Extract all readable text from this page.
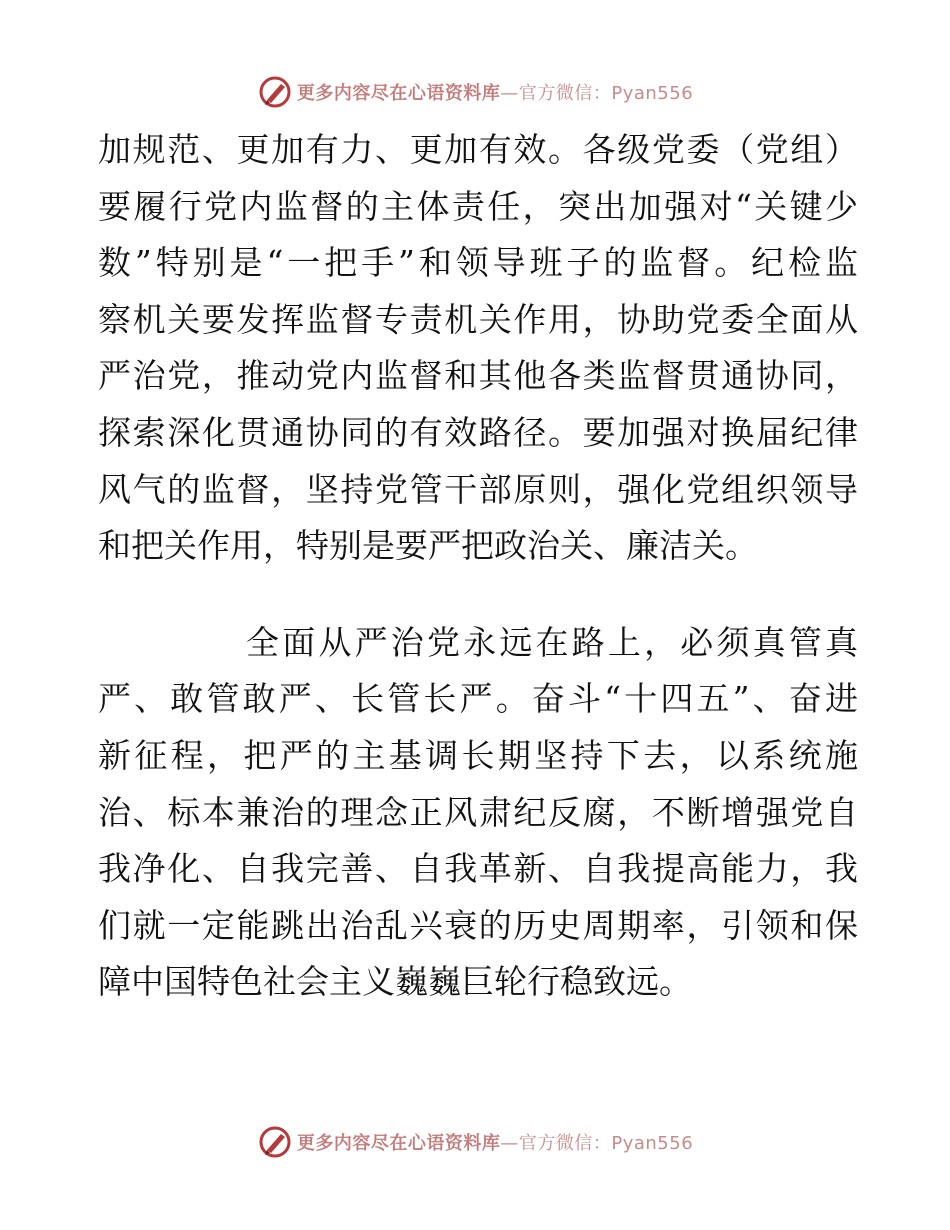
更多内容尽在心语资料库—官方微信：Pyan556
加规范、更加有力、更加有效。各级党委（党组）
要履行党内监督的主体责任，突出加强对“关键少
数”特别是“一把手”和领导班子的监督。纪检监
察机关要发挥监督专责机关作用，协助党委全面从
严治党，推动党内监督和其他各类监督贯通协同，
探索深化贯通协同的有效路径。要加强对换届纪律
风气的监督，坚持党管干部原则，强化党组织领导
和把关作用，特别是要严把政治关、廉洁关。
全面从严治党永远在路上，必须真管真
严、敢管敢严、长管长严。奋斗“十四五”、奋进
新征程，把严的主基调长期坚持下去，以系统施
治、标本兼治的理念正风肃纪反腐，不断增强党自
我净化、自我完善、自我革新、自我提高能力，我
们就一定能跳出治乱兴衰的历史周期率，引领和保
障中国特色社会主义巍巍巨轮行稳致远。
更多内容尽在心语资料库—官方微信：Pyan556
